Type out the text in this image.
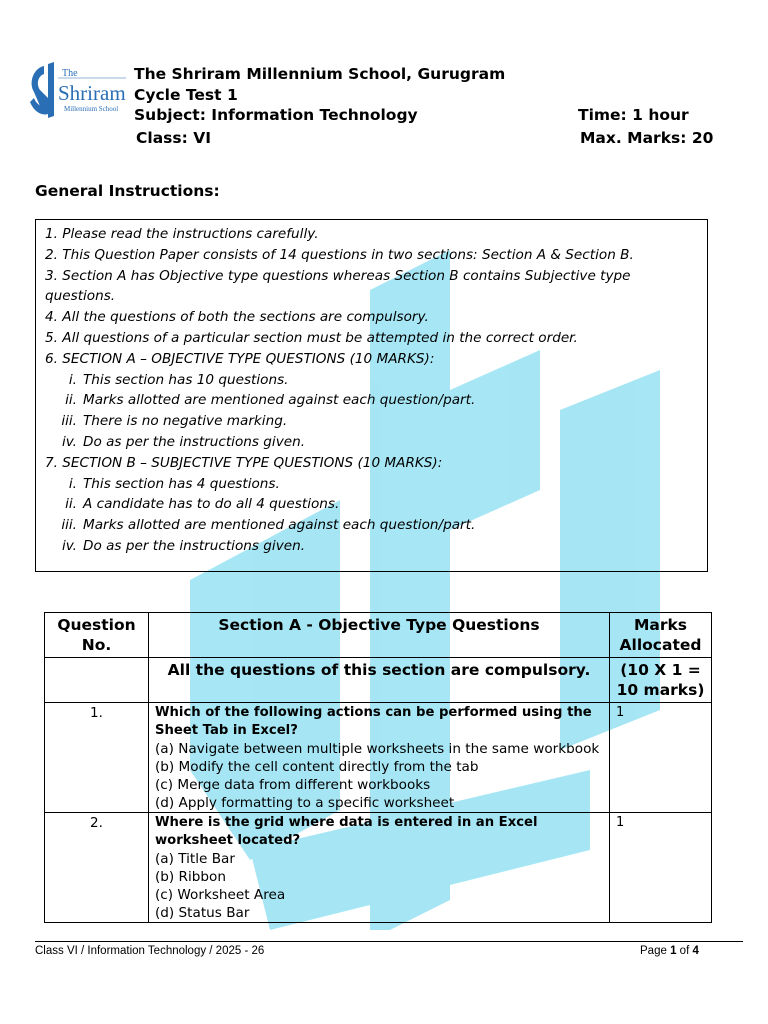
The
Shriram
Millennium School
The Shriram Millennium School, Gurugram
Cycle Test 1
Subject: Information Technology
Class: VI
Time: 1 hour
Max. Marks: 20
General Instructions:
1. Please read the instructions carefully.
2. This Question Paper consists of 14 questions in two sections: Section A & Section B.
3. Section A has Objective type questions whereas Section B contains Subjective type questions.
4. All the questions of both the sections are compulsory.
5. All questions of a particular section must be attempted in the correct order.
6. SECTION A – OBJECTIVE TYPE QUESTIONS (10 MARKS):
i. This section has 10 questions.
ii. Marks allotted are mentioned against each question/part.
iii. There is no negative marking.
iv. Do as per the instructions given.
7. SECTION B – SUBJECTIVE TYPE QUESTIONS (10 MARKS):
i. This section has 4 questions.
ii. A candidate has to do all 4 questions.
iii. Marks allotted are mentioned against each question/part.
iv. Do as per the instructions given.
Question No.	Section A - Objective Type Questions	Marks Allocated
	All the questions of this section are compulsory.	(10 X 1 = 10 marks)
1.	Which of the following actions can be performed using the Sheet Tab in Excel?
(a) Navigate between multiple worksheets in the same workbook
(b) Modify the cell content directly from the tab
(c) Merge data from different workbooks
(d) Apply formatting to a specific worksheet	1
2.	Where is the grid where data is entered in an Excel worksheet located?
(a) Title Bar
(b) Ribbon
(c) Worksheet Area
(d) Status Bar	1
Class VI / Information Technology / 2025 - 26	Page 1 of 4
